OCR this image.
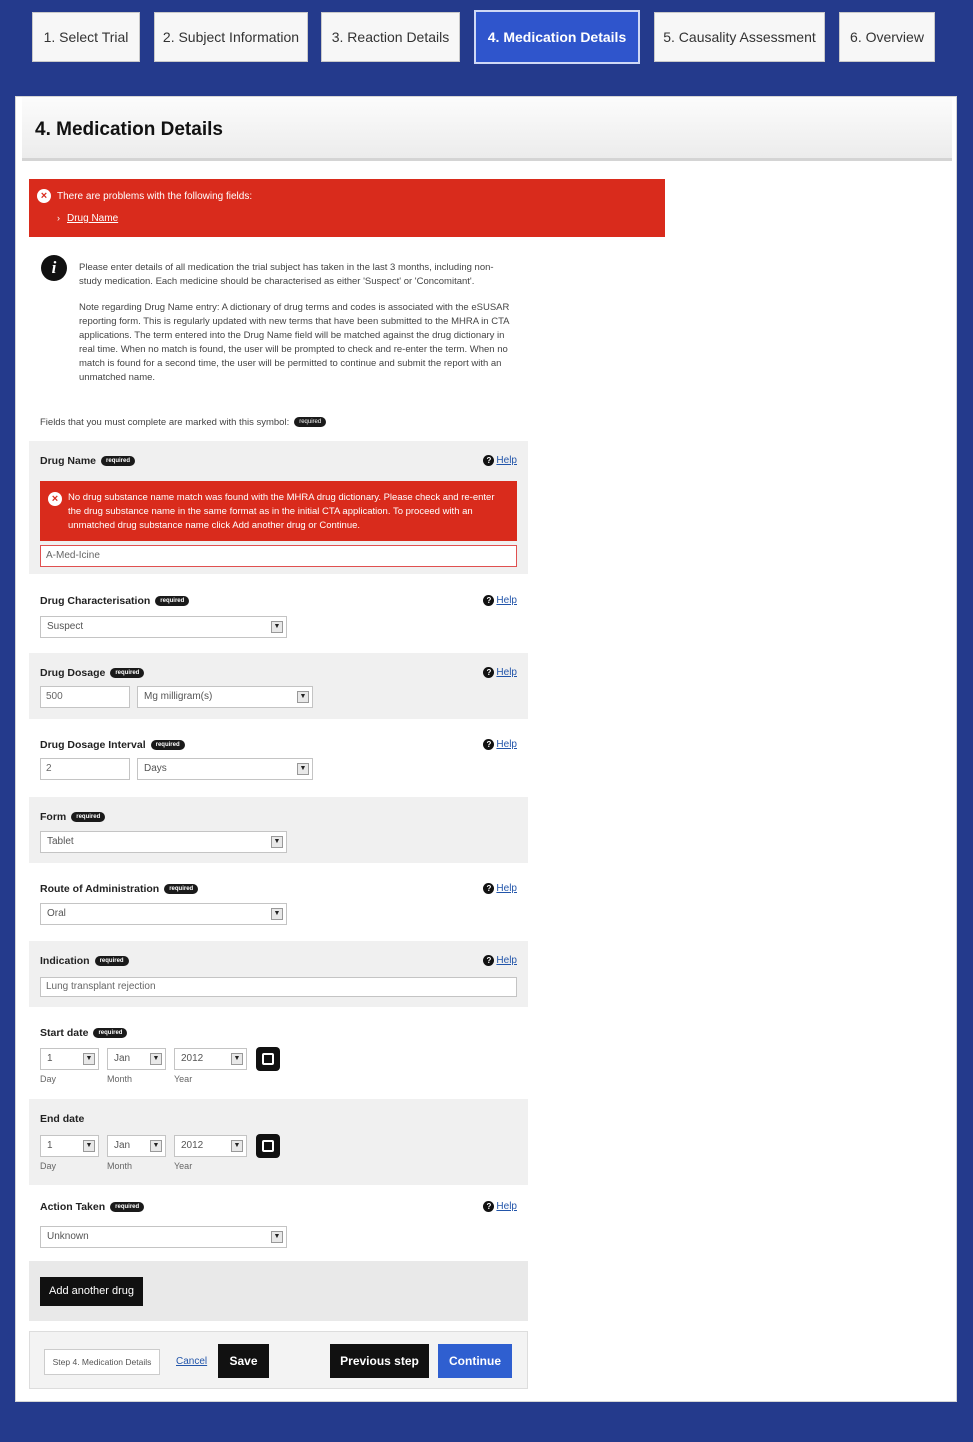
1. Select Trial 2. Subject Information 3. Reaction Details	4. Medication Details	5. Causality Assessment 6. Overview
4. Medication Details
× There are problems with the following fields:
› Drug Name
i	Please enter details of all medication the trial subject has taken in the last 3 months, including non-study medication. Each medicine should be characterised as either 'Suspect' or 'Concomitant'.
Note regarding Drug Name entry: A dictionary of drug terms and codes is associated with the eSUSAR reporting form. This is regularly updated with new terms that have been submitted to the MHRA in CTA applications. The term entered into the Drug Name field will be matched against the drug dictionary in real time. When no match is found, the user will be prompted to check and re-enter the term. When no match is found for a second time, the user will be permitted to continue and submit the report with an unmatched name.
Fields that you must complete are marked with this symbol: required
Drug Name required	? Help
×	No drug substance name match was found with the MHRA drug dictionary. Please check and re-enter the drug substance name in the same format as in the initial CTA application. To proceed with an unmatched drug substance name click Add another drug or Continue.
A-Med-Icine
Drug Characterisation required	? Help
Suspect	▼
Drug Dosage required	? Help
500	Mg milligram(s)	▼
Drug Dosage Interval required	? Help
2	Days	▼
Form required
Tablet	▼
Route of Administration required	? Help
Oral	▼
Indication required	? Help
Lung transplant rejection
Start date required
1	▼	Jan	▼	2012	▼
Day	Month	Year
End date
1	▼	Jan	▼	2012	▼
Day	Month	Year
Action Taken required	? Help
Unknown	▼
Add another drug
Step 4. Medication Details	Cancel	Save	Previous step	Continue
